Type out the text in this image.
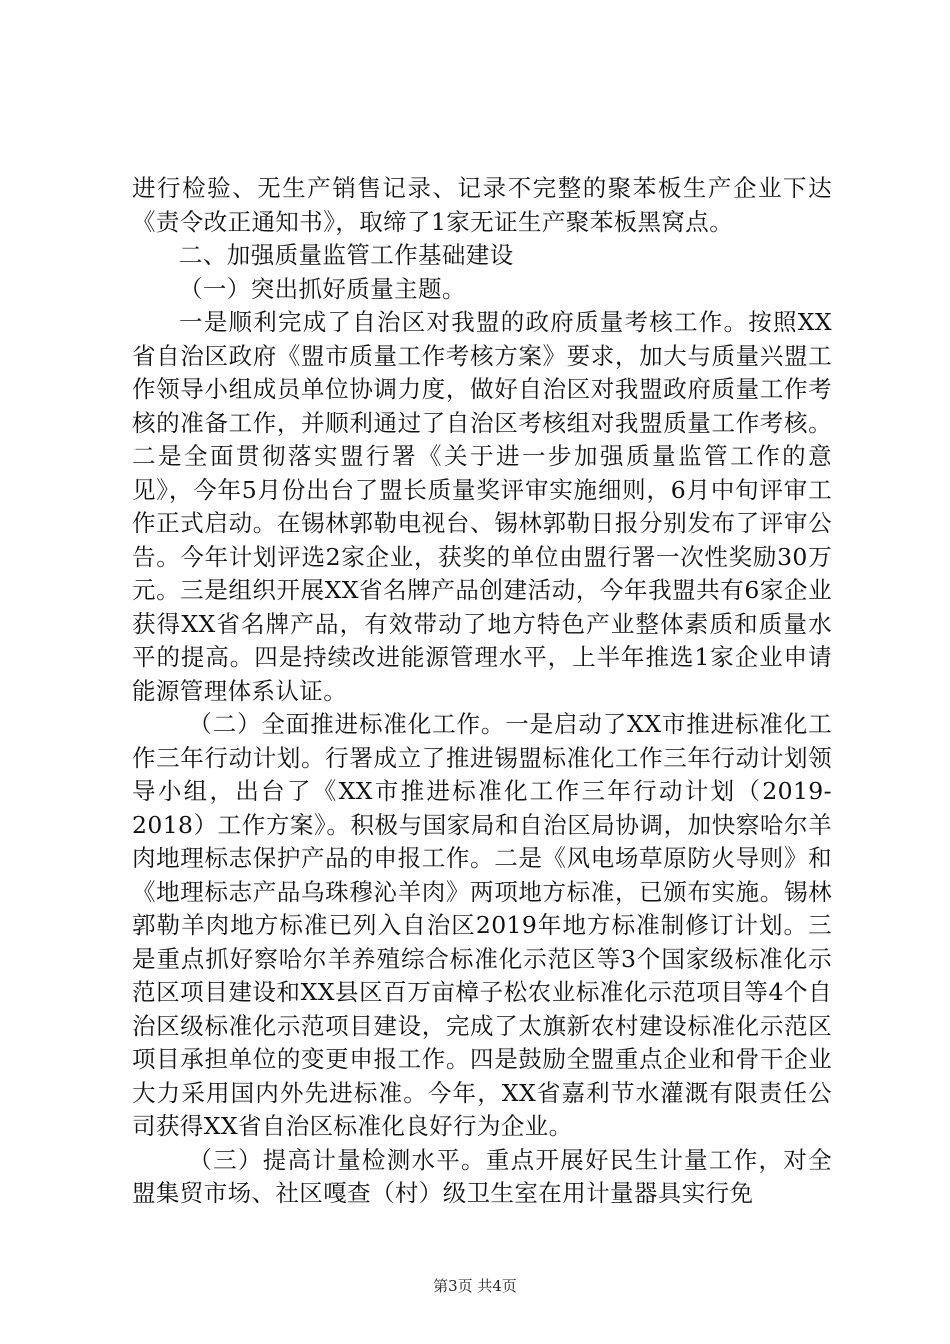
进行检验、无生产销售记录、记录不完整的聚苯板生产企业下达《责令改正通知书》，取缔了1家无证生产聚苯板黑窝点。

二、加强质量监管工作基础建设

（一）突出抓好质量主题。

一是顺利完成了自治区对我盟的政府质量考核工作。按照XX省自治区政府《盟市质量工作考核方案》要求，加大与质量兴盟工作领导小组成员单位协调力度，做好自治区对我盟政府质量工作考核的准备工作，并顺利通过了自治区考核组对我盟质量工作考核。二是全面贯彻落实盟行署《关于进一步加强质量监管工作的意见》，今年5月份出台了盟长质量奖评审实施细则，6月中旬评审工作正式启动。在锡林郭勒电视台、锡林郭勒日报分别发布了评审公告。今年计划评选2家企业，获奖的单位由盟行署一次性奖励30万元。三是组织开展XX省名牌产品创建活动，今年我盟共有6家企业获得XX省名牌产品，有效带动了地方特色产业整体素质和质量水平的提高。四是持续改进能源管理水平，上半年推选1家企业申请能源管理体系认证。

（二）全面推进标准化工作。一是启动了XX市推进标准化工作三年行动计划。行署成立了推进锡盟标准化工作三年行动计划领导小组，出台了《XX市推进标准化工作三年行动计划（2019-2018）工作方案》。积极与国家局和自治区局协调，加快察哈尔羊肉地理标志保护产品的申报工作。二是《风电场草原防火导则》和《地理标志产品乌珠穆沁羊肉》两项地方标准，已颁布实施。锡林郭勒羊肉地方标准已列入自治区2019年地方标准制修订计划。三是重点抓好察哈尔羊养殖综合标准化示范区等3个国家级标准化示范区项目建设和XX县区百万亩樟子松农业标准化示范项目等4个自治区级标准化示范项目建设，完成了太旗新农村建设标准化示范区项目承担单位的变更申报工作。四是鼓励全盟重点企业和骨干企业大力采用国内外先进标准。今年，XX省嘉利节水灌溉有限责任公司获得XX省自治区标准化良好行为企业。

（三）提高计量检测水平。重点开展好民生计量工作，对全盟集贸市场、社区嘎查（村）级卫生室在用计量器具实行免

第3页 共4页
